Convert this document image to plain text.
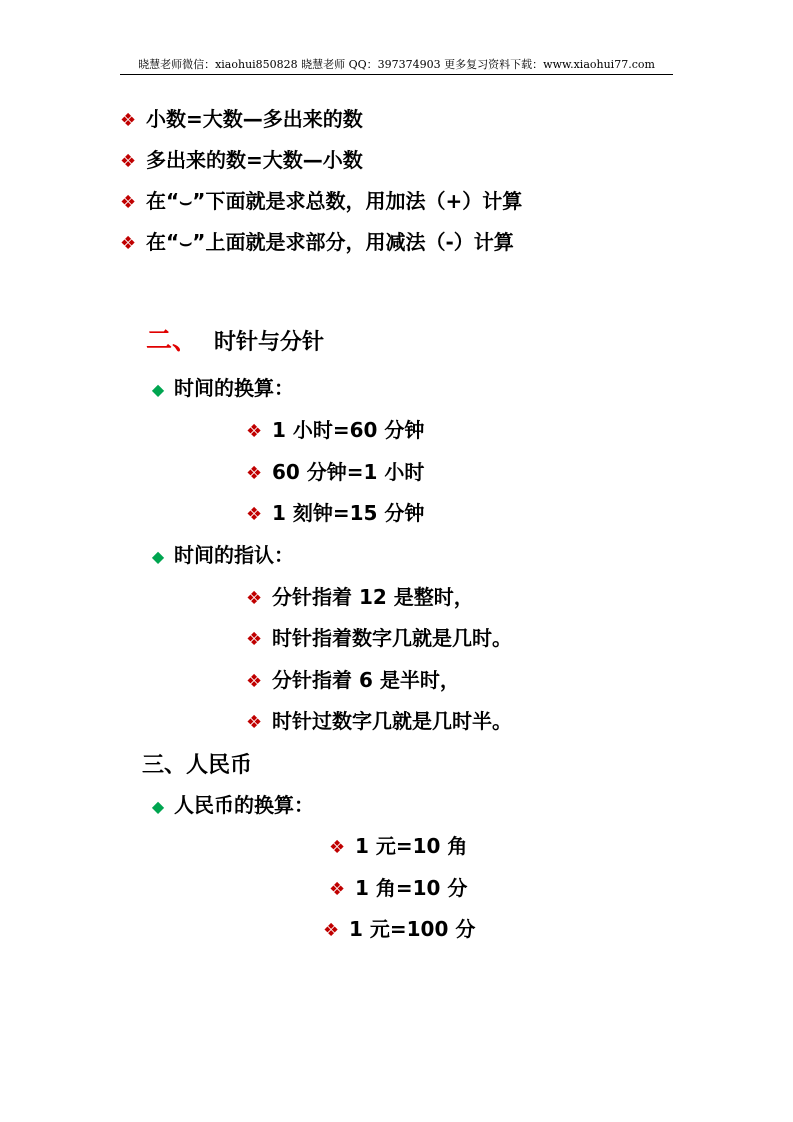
晓慧老师微信：xiaohui850828 晓慧老师 QQ：397374903 更多复习资料下载：www.xiaohui77.com
❖ 小数=大数—多出来的数
❖ 多出来的数=大数—小数
❖ 在“⌣”下面就是求总数，用加法（+）计算
❖ 在“⌣”上面就是求部分，用减法（-）计算
二、 时针与分针
◆ 时间的换算：
❖ 1 小时=60 分钟
❖ 60 分钟=1 小时
❖ 1 刻钟=15 分钟
◆ 时间的指认：
❖ 分针指着 12 是整时，
❖ 时针指着数字几就是几时。
❖ 分针指着 6 是半时，
❖ 时针过数字几就是几时半。
三、人民币
◆ 人民币的换算：
❖ 1 元=10 角
❖ 1 角=10 分
❖ 1 元=100 分
